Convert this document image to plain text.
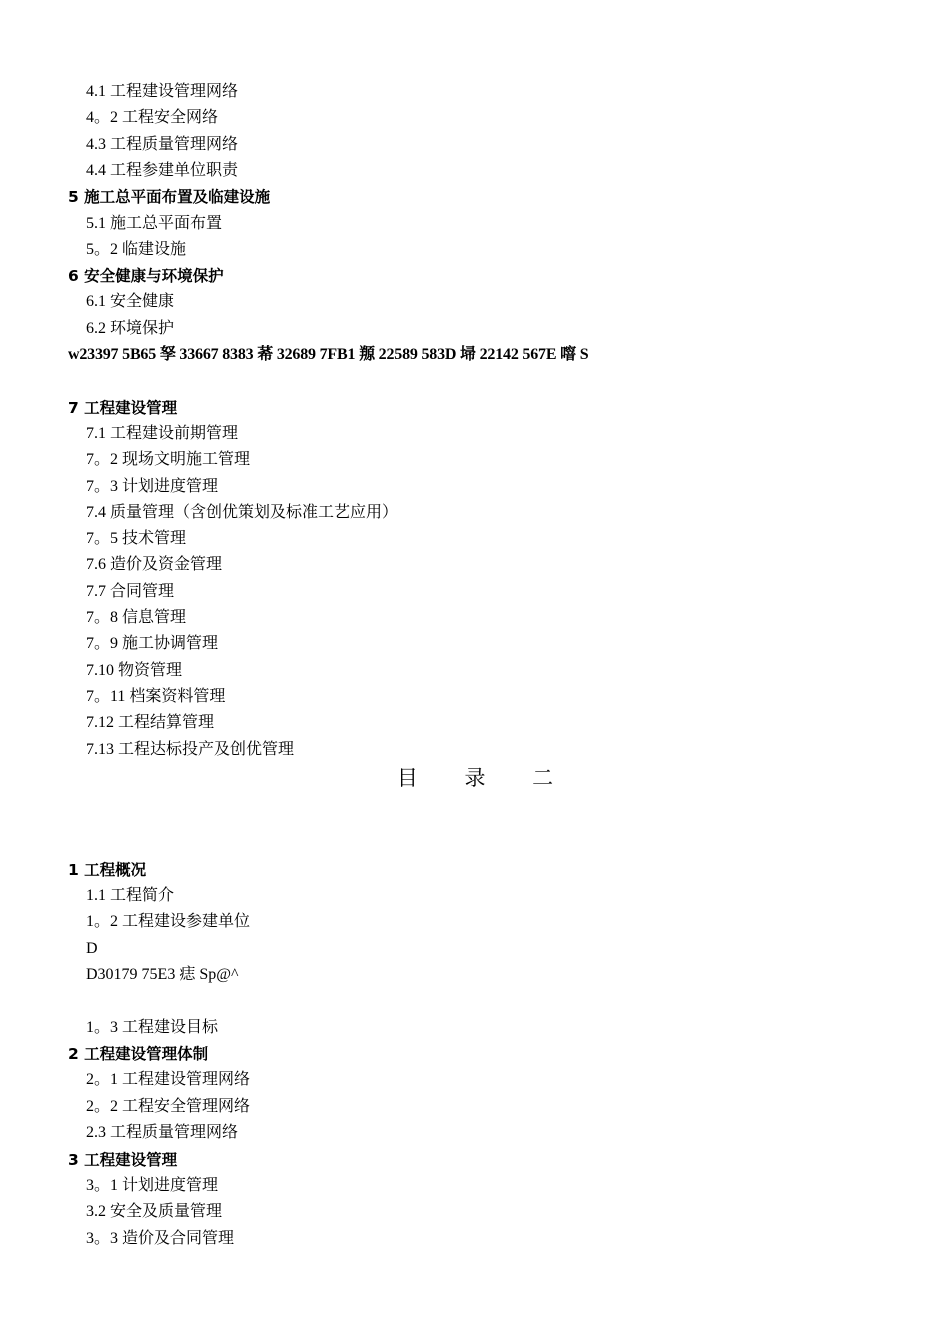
4.1 工程建设管理网络
4。2 工程安全网络
4.3 工程质量管理网络
4.4 工程参建单位职责
5 施工总平面布置及临建设施
5.1 施工总平面布置
5。2 临建设施
6 安全健康与环境保护
6.1 安全健康
6.2 环境保护
w23397 5B65 孥 33667 8383 莃 32689 7FB1 羱 22589 583D 埽 22142 567E 噾 S
7 工程建设管理
7.1 工程建设前期管理
7。2 现场文明施工管理
7。3 计划进度管理
7.4 质量管理（含创优策划及标准工艺应用）
7。5 技术管理
7.6 造价及资金管理
7.7 合同管理
7。8 信息管理
7。9 施工协调管理
7.10 物资管理
7。11 档案资料管理
7.12 工程结算管理
7.13 工程达标投产及创优管理
目 录 二
1 工程概况
1.1 工程简介
1。2 工程建设参建单位
D
D30179 75E3 痣 Sp@^
1。3 工程建设目标
2 工程建设管理体制
2。1 工程建设管理网络
2。2 工程安全管理网络
2.3 工程质量管理网络
3 工程建设管理
3。1 计划进度管理
3.2 安全及质量管理
3。3 造价及合同管理
